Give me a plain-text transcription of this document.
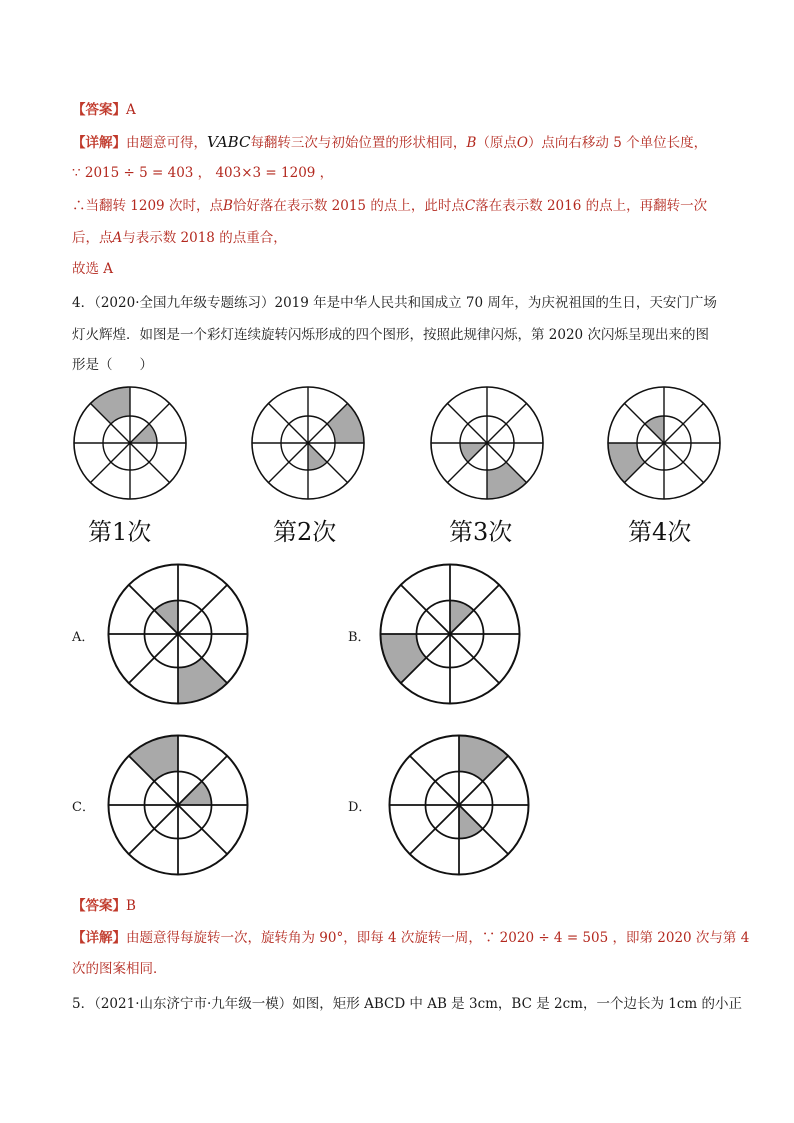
【答案】A
【详解】由题意可得，VABC每翻转三次与初始位置的形状相同，B（原点O）点向右移动 5 个单位长度，
∵ 2015 ÷ 5 = 403 ， 403×3 = 1209 ，
∴当翻转 1209 次时，点B恰好落在表示数 2015 的点上，此时点C落在表示数 2016 的点上，再翻转一次
后，点A与表示数 2018 的点重合，
故选 A
4．（2020·全国九年级专题练习）2019 年是中华人民共和国成立 70 周年，为庆祝祖国的生日，天安门广场
灯火辉煌．如图是一个彩灯连续旋转闪烁形成的四个图形，按照此规律闪烁，第 2020 次闪烁呈现出来的图
形是（　　）
第1次	第2次	第3次	第4次
A．	B．
C．	D．
【答案】B
【详解】由题意得每旋转一次，旋转角为 90°，即每 4 次旋转一周，∵ 2020 ÷ 4 = 505 ，即第 2020 次与第 4
次的图案相同．
5．（2021·山东济宁市·九年级一模）如图，矩形 ABCD 中 AB 是 3cm，BC 是 2cm，一个边长为 1cm 的小正
